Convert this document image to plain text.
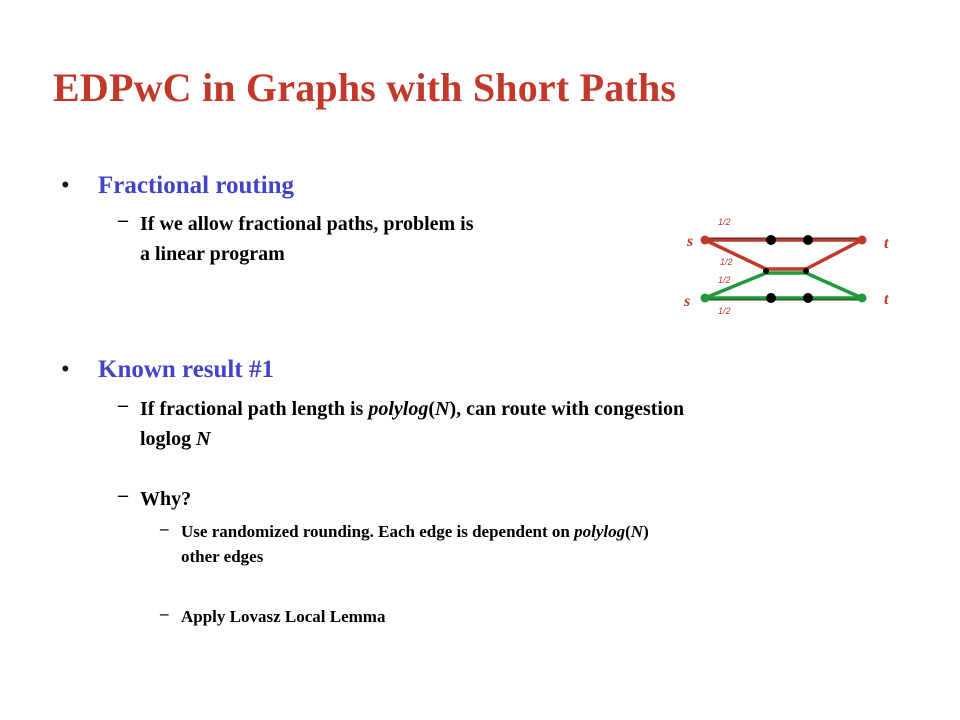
EDPwC in Graphs with Short Paths
• Fractional routing
– If we allow fractional paths, problem is
a linear program
• Known result #1
– If fractional path length is polylog(N), can route with congestion
loglog N
– Why?
– Use randomized rounding. Each edge is dependent on polylog(N)
other edges
– Apply Lovasz Local Lemma
s	t
s	t
1/2
1/2
1/2
1/2
